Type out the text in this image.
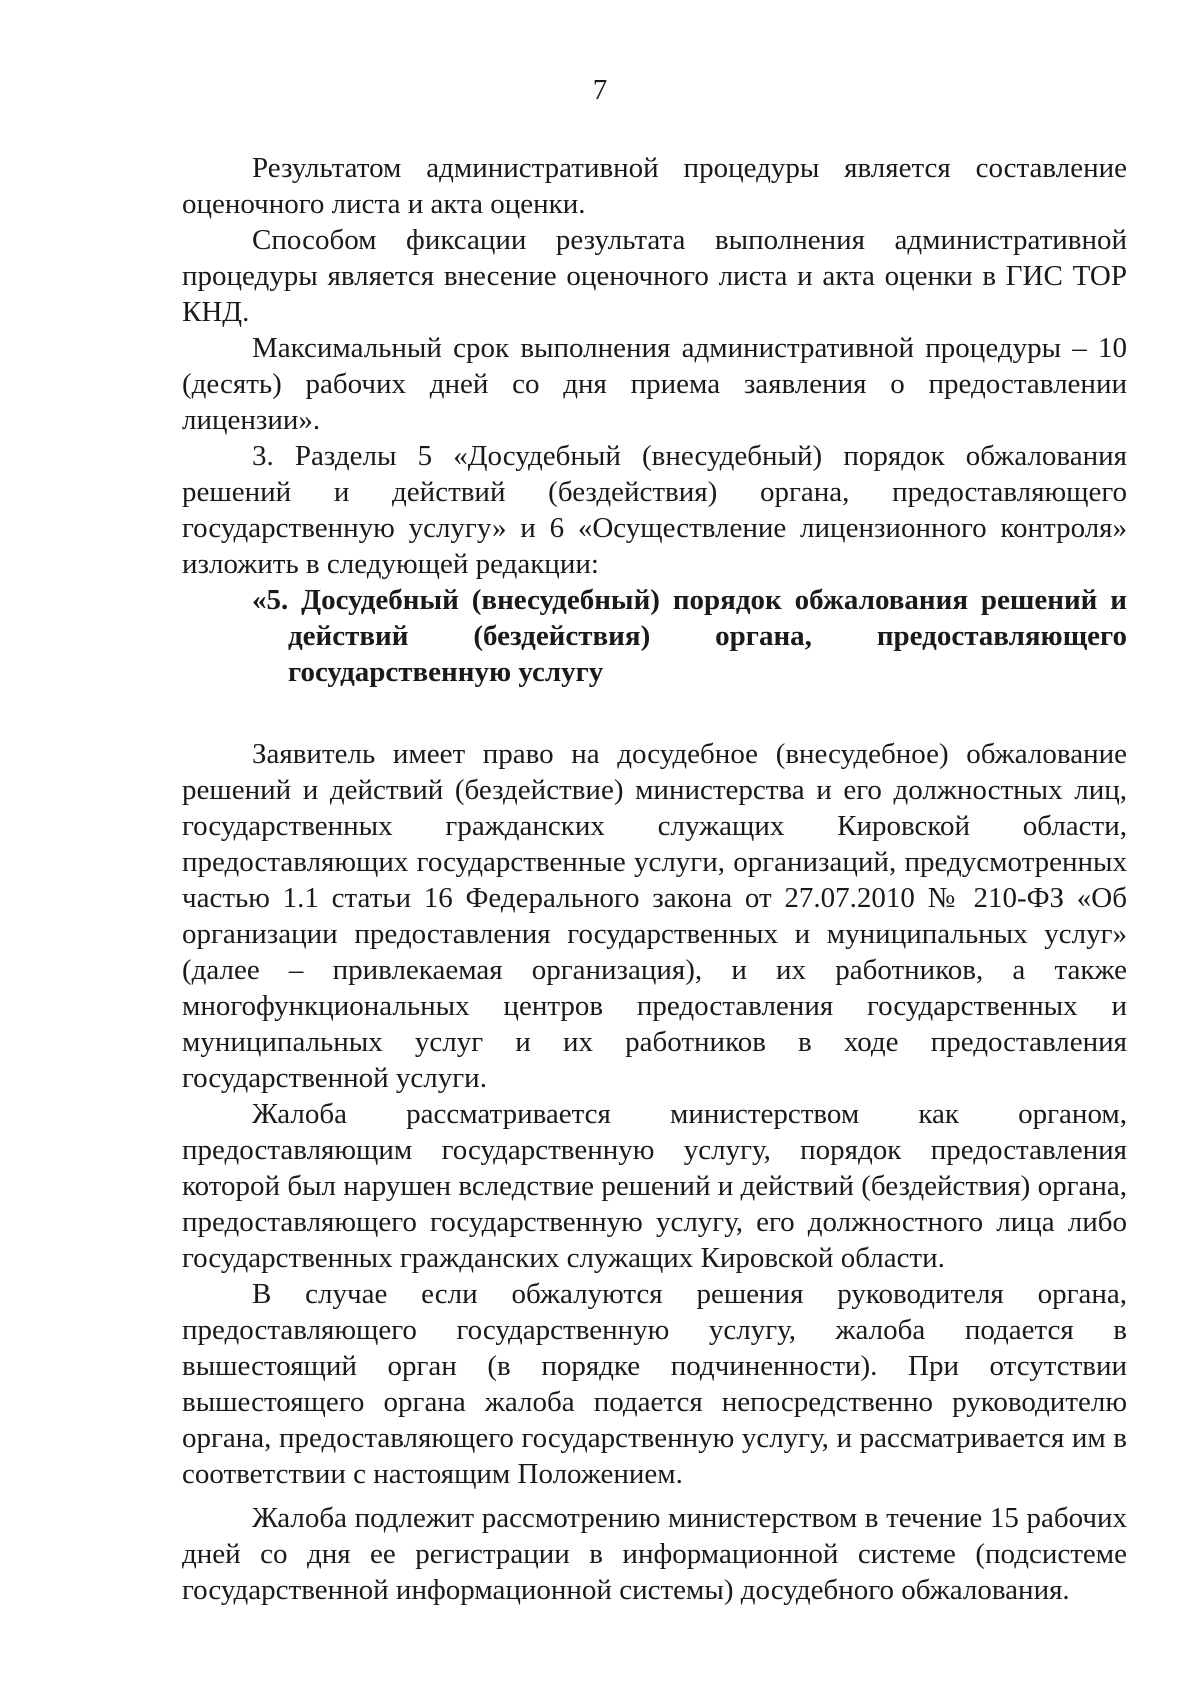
7

Результатом административной процедуры является составление оценочного листа и акта оценки.

Способом фиксации результата выполнения административной процедуры является внесение оценочного листа и акта оценки в ГИС ТОР КНД.

Максимальный срок выполнения административной процедуры – 10 (десять) рабочих дней со дня приема заявления о предоставлении лицензии».

3. Разделы 5 «Досудебный (внесудебный) порядок обжалования решений и действий (бездействия) органа, предоставляющего государственную услугу» и 6 «Осуществление лицензионного контроля» изложить в следующей редакции:

«5. Досудебный (внесудебный) порядок обжалования решений и действий (бездействия) органа, предоставляющего государственную услугу

Заявитель имеет право на досудебное (внесудебное) обжалование решений и действий (бездействие) министерства и его должностных лиц, государственных гражданских служащих Кировской области, предоставляющих государственные услуги, организаций, предусмотренных частью 1.1 статьи 16 Федерального закона от 27.07.2010 № 210-ФЗ «Об организации предоставления государственных и муниципальных услуг» (далее – привлекаемая организация), и их работников, а также многофункциональных центров предоставления государственных и муниципальных услуг и их работников в ходе предоставления государственной услуги.

Жалоба рассматривается министерством как органом, предоставляющим государственную услугу, порядок предоставления которой был нарушен вследствие решений и действий (бездействия) органа, предоставляющего государственную услугу, его должностного лица либо государственных гражданских служащих Кировской области.

В случае если обжалуются решения руководителя органа, предоставляющего государственную услугу, жалоба подается в вышестоящий орган (в порядке подчиненности). При отсутствии вышестоящего органа жалоба подается непосредственно руководителю органа, предоставляющего государственную услугу, и рассматривается им в соответствии с настоящим Положением.

Жалоба подлежит рассмотрению министерством в течение 15 рабочих дней со дня ее регистрации в информационной системе (подсистеме государственной информационной системы) досудебного обжалования.
